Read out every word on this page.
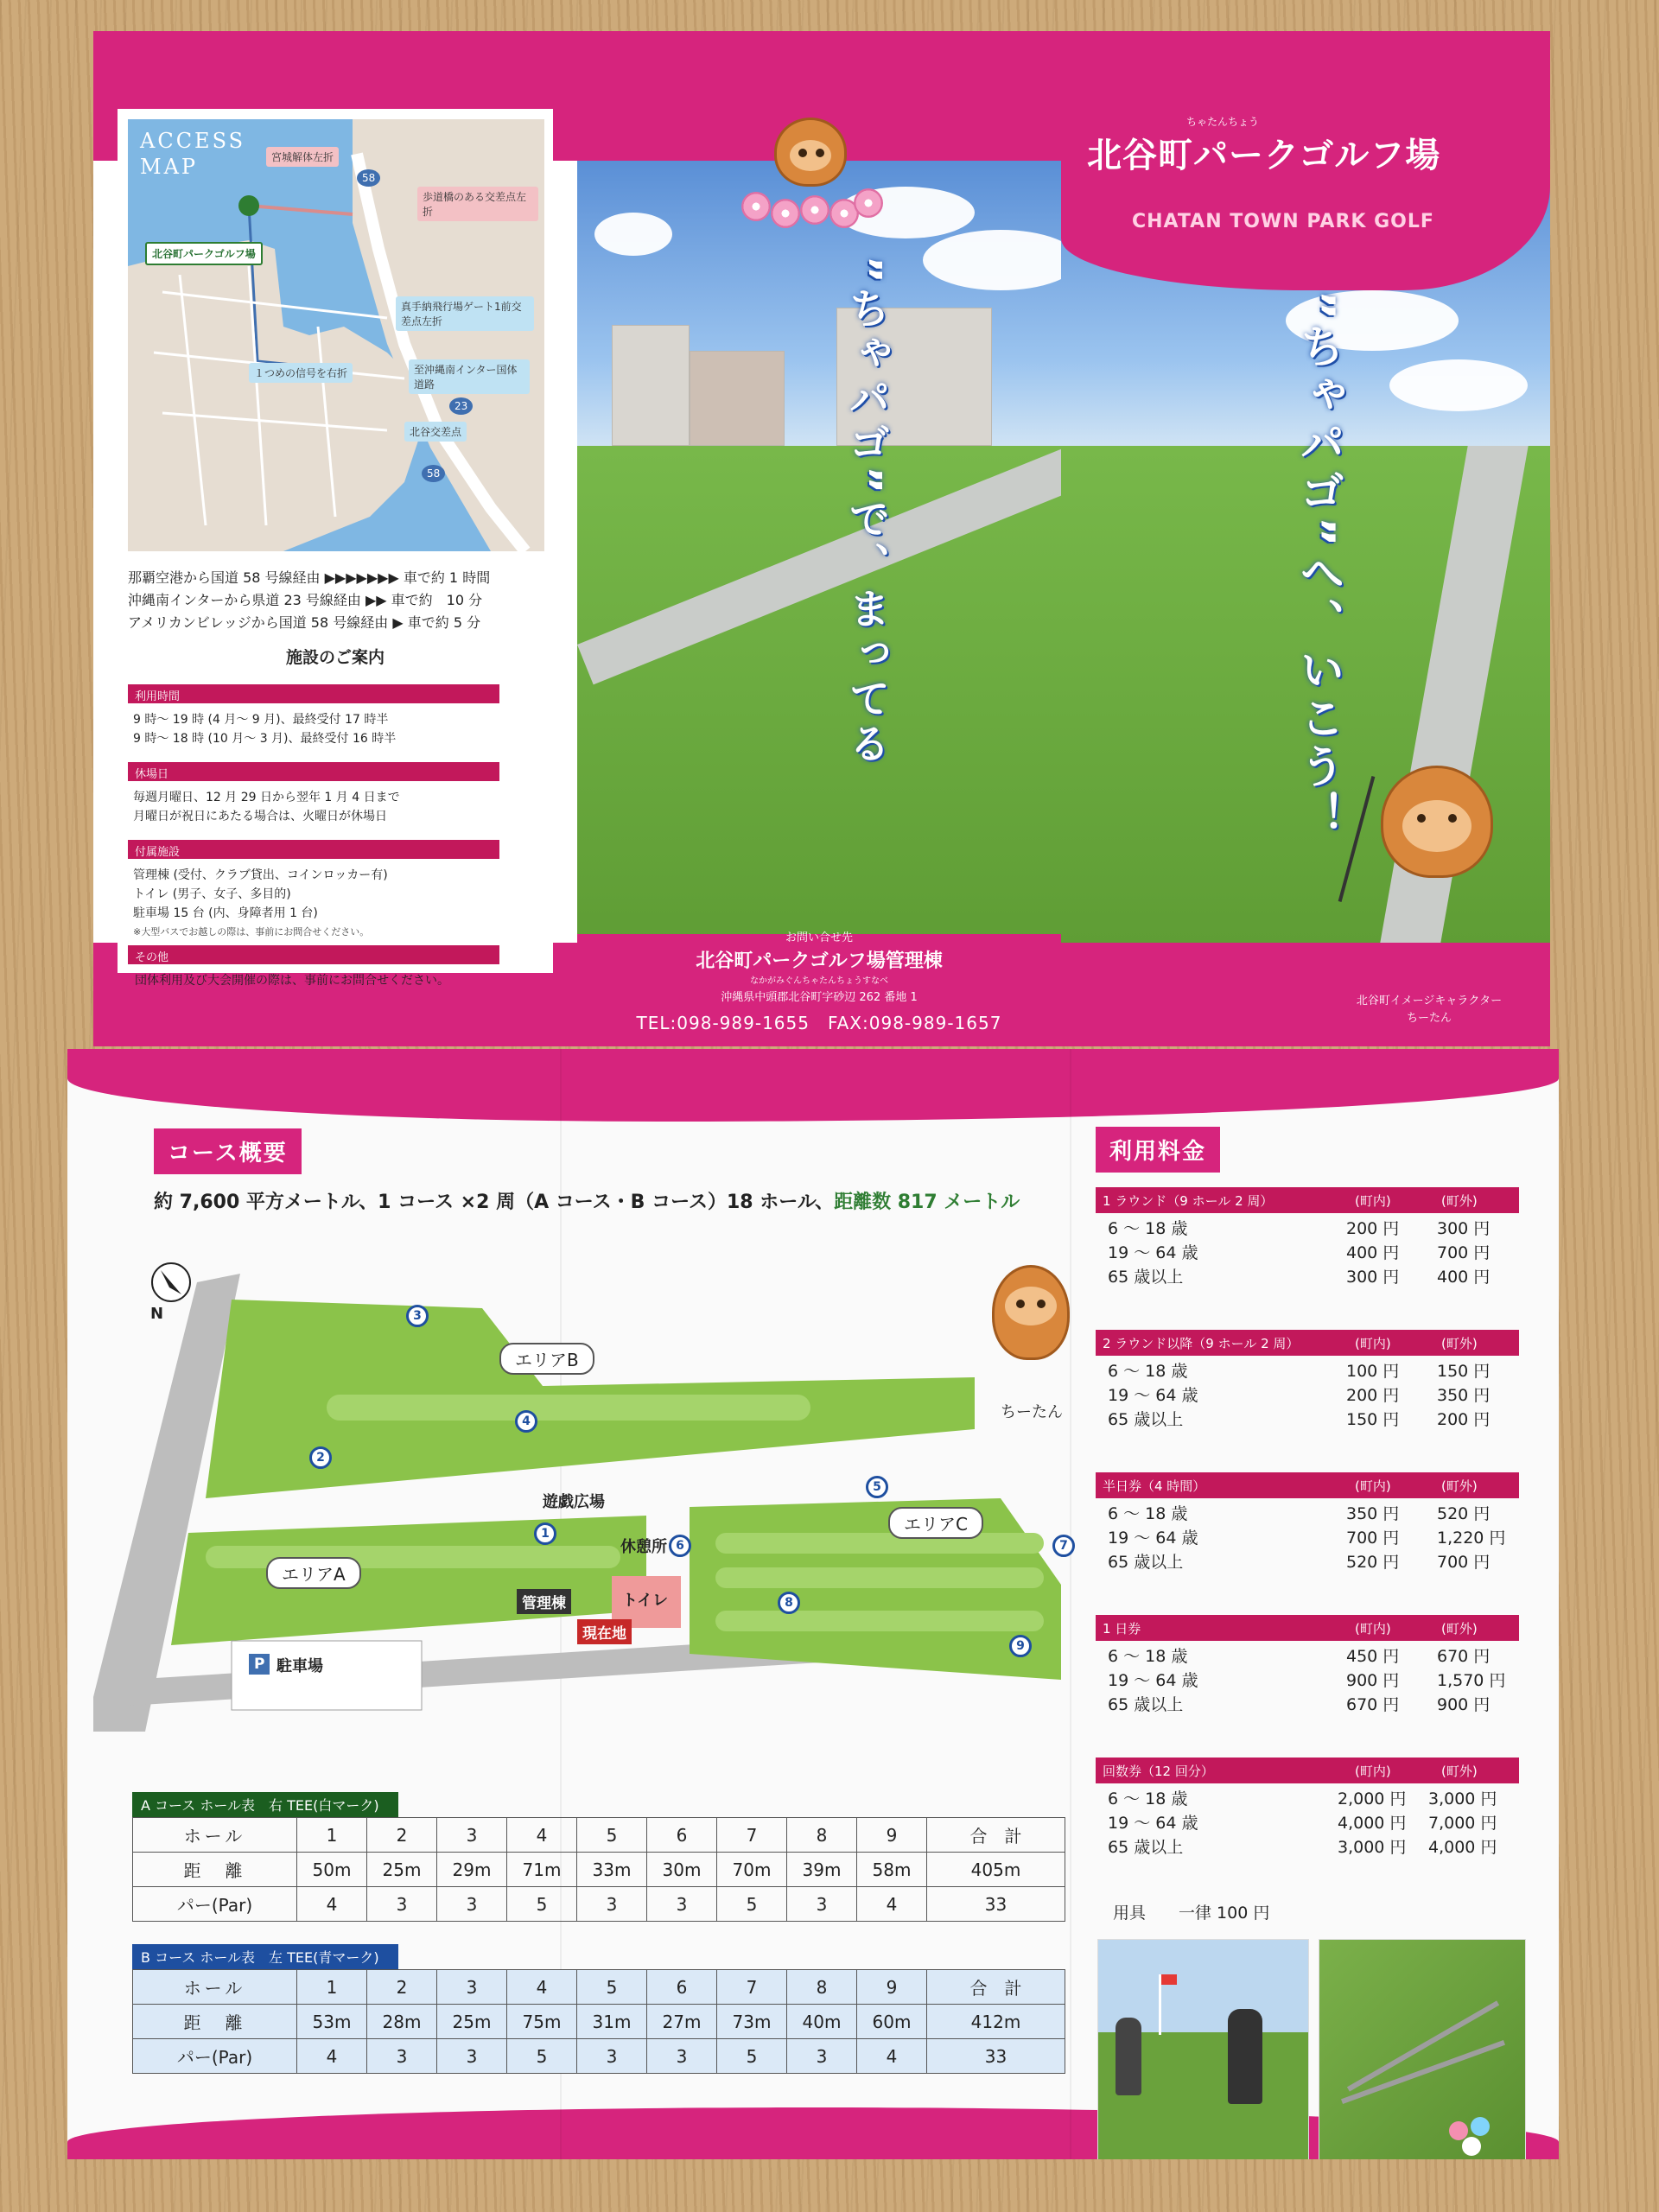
ACCESS
MAP	宮城解体左折
歩道橋のある交差点左折
北谷町パークゴルフ場
真手納飛行場ゲート1前交差点左折
１つめの信号を右折	至沖縄南インター国体道路
北谷交差点
58
23
58
那覇空港から国道 58 号線経由 ▶▶▶▶▶▶▶ 車で約 1 時間
沖縄南インターから県道 23 号線経由 ▶▶ 車で約　10 分
アメリカンビレッジから国道 58 号線経由 ▶ 車で約 5 分
施設のご案内
利用時間
9 時～ 19 時 (4 月～ 9 月)、最終受付 17 時半
9 時～ 18 時 (10 月～ 3 月)、最終受付 16 時半
休場日
毎週月曜日、12 月 29 日から翌年 1 月 4 日まで
月曜日が祝日にあたる場合は、火曜日が休場日
付属施設
管理棟 (受付、クラブ貸出、コインロッカー有)
トイレ (男子、女子、多目的)
駐車場 15 台 (内、身障者用 1 台)
※大型バスでお越しの際は、事前にお問合せください。
その他
団体利用及び大会開催の際は、事前にお問合せください。
”ちゃパゴ”で、まってる
お問い合せ先
北谷町パークゴルフ場管理棟
なかがみぐんちゃたんちょうすなべ
沖縄県中頭郡北谷町字砂辺 262 番地 1
TEL:098-989-1655　FAX:098-989-1657
ちゃたんちょう
北谷町パークゴルフ場
CHATAN TOWN PARK GOLF
”ちゃパゴ”へ、いこう！
北谷町イメージキャラクター
ちーたん
コース概要
約 7,600 平方メートル、1 コース ×2 周（A コース・B コース）18 ホール、距離数 817 メートル
N
エリアB
エリアA
エリアC
1
2
3
4
5
6	7
8
9
遊戯広場
休憩所
管理棟	トイレ
現在地
P 駐車場
ちーたん
A コース ホール表　右 TEE(白マーク)
ホール	1	2	3	4	5	6	7	8	9	合　計
距　離	50m	25m	29m	71m	33m	30m	70m	39m	58m	405m
パー(Par)	4	3	3	5	3	3	5	3	4	33
B コース ホール表　左 TEE(青マーク)
ホール	1	2	3	4	5	6	7	8	9	合　計
距　離	53m	28m	25m	75m	31m	27m	73m	40m	60m	412m
パー(Par)	4	3	3	5	3	3	5	3	4	33
利用料金
1 ラウンド（9 ホール 2 周）	(町内)	(町外)
6 ～ 18 歳	200 円 300 円
19 ～ 64 歳	400 円 700 円
65 歳以上	300 円 400 円
2 ラウンド以降（9 ホール 2 周）	(町内)	(町外)
6 ～ 18 歳	100 円 150 円
19 ～ 64 歳	200 円 350 円
65 歳以上	150 円 200 円
半日券（4 時間）	(町内)	(町外)
6 ～ 18 歳	350 円 520 円
19 ～ 64 歳	700 円 1,220 円
65 歳以上	520 円 700 円
1 日券	(町内)	(町外)
6 ～ 18 歳	450 円 670 円
19 ～ 64 歳	900 円 1,570 円
65 歳以上	670 円 900 円
回数券（12 回分）	(町内)	(町外)
6 ～ 18 歳	2,000 円 3,000 円
19 ～ 64 歳	4,000 円 7,000 円
65 歳以上	3,000 円 4,000 円
用具　　一律 100 円
